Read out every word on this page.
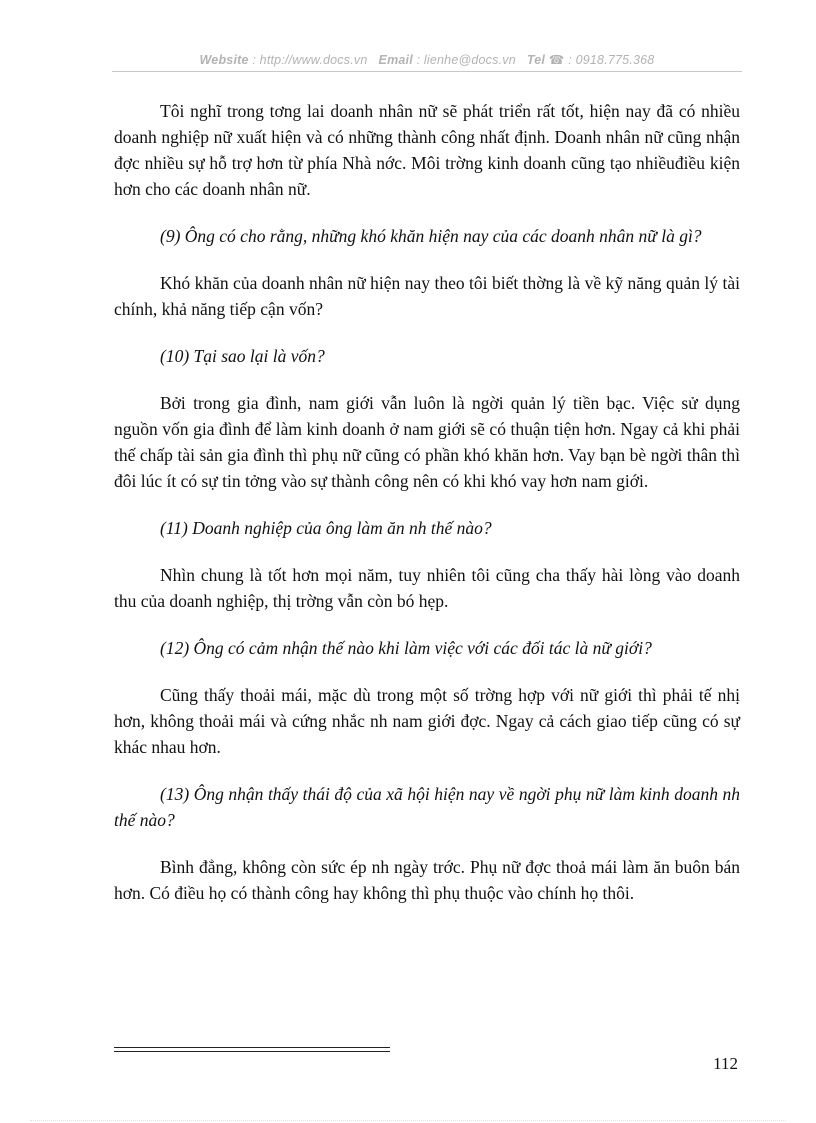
Website : http://www.docs.vn Email : lienhe@docs.vn Tel ☎ : 0918.775.368

Tôi nghĩ trong tơng lai doanh nhân nữ sẽ phát triển rất tốt, hiện nay đã có nhiều doanh nghiệp nữ xuất hiện và có những thành công nhất định. Doanh nhân nữ cũng nhận đợc nhiều sự hỗ trợ hơn từ phía Nhà nớc. Môi trờng kinh doanh cũng tạo nhiềuđiều kiện hơn cho các doanh nhân nữ.

(9) Ông có cho rằng, những khó khăn hiện nay của các doanh nhân nữ là gì?

Khó khăn của doanh nhân nữ hiện nay theo tôi biết thờng là về kỹ năng quản lý tài chính, khả năng tiếp cận vốn?

(10) Tại sao lại là vốn?

Bởi trong gia đình, nam giới vẫn luôn là ngời quản lý tiền bạc. Việc sử dụng nguồn vốn gia đình để làm kinh doanh ở nam giới sẽ có thuận tiện hơn. Ngay cả khi phải thế chấp tài sản gia đình thì phụ nữ cũng có phần khó khăn hơn. Vay bạn bè ngời thân thì đôi lúc ít có sự tin tởng vào sự thành công nên có khi khó vay hơn nam giới.

(11) Doanh nghiệp của ông làm ăn nh thế nào?

Nhìn chung là tốt hơn mọi năm, tuy nhiên tôi cũng cha thấy hài lòng vào doanh thu của doanh nghiệp, thị trờng vẫn còn bó hẹp.

(12) Ông có cảm nhận thế nào khi làm việc với các đối tác là nữ giới?

Cũng thấy thoải mái, mặc dù trong một số trờng hợp với nữ giới thì phải tế nhị hơn, không thoải mái và cứng nhắc nh nam giới đợc. Ngay cả cách giao tiếp cũng có sự khác nhau hơn.

(13) Ông nhận thấy thái độ của xã hội hiện nay về ngời phụ nữ làm kinh doanh nh thế nào?

Bình đẳng, không còn sức ép nh ngày trớc. Phụ nữ đợc thoả mái làm ăn buôn bán hơn. Có điều họ có thành công hay không thì phụ thuộc vào chính họ thôi.

112
